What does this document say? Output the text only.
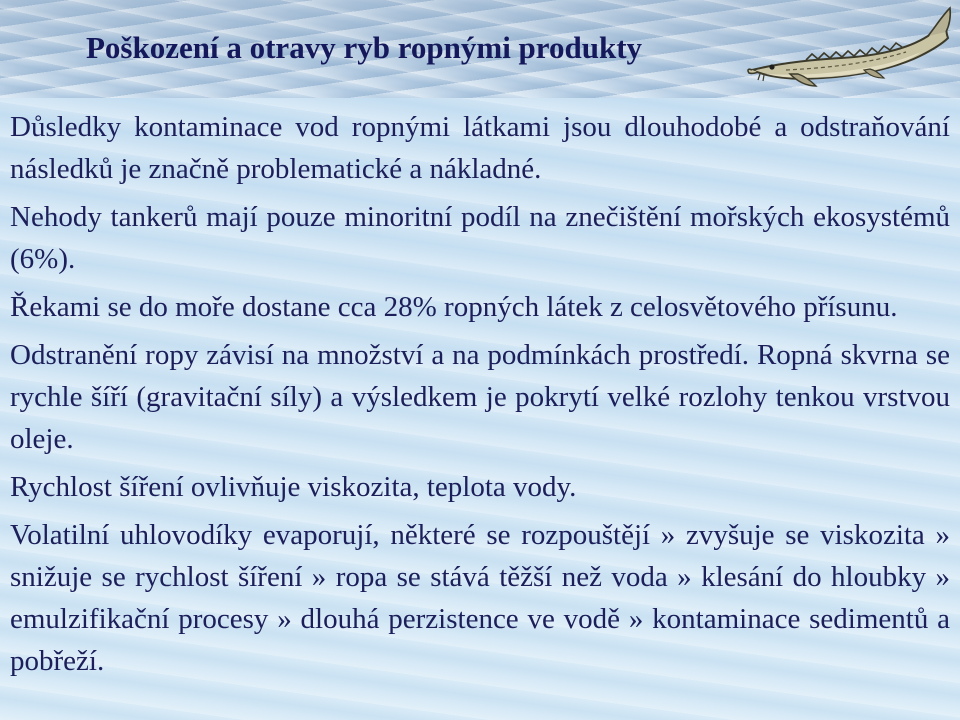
Poškození a otravy ryb ropnými produkty

Důsledky kontaminace vod ropnými látkami jsou dlouhodobé a odstraňování následků je značně problematické a nákladné.

Nehody tankerů mají pouze minoritní podíl na znečištění mořských ekosystémů (6%).

Řekami se do moře dostane cca 28% ropných látek z celosvětového přísunu.

Odstranění ropy závisí na množství a na podmínkách prostředí. Ropná skvrna se rychle šíří (gravitační síly) a výsledkem je pokrytí velké rozlohy tenkou vrstvou oleje.

Rychlost šíření ovlivňuje viskozita, teplota vody.

Volatilní uhlovodíky evaporují, některé se rozpouštějí » zvyšuje se viskozita » snižuje se rychlost šíření » ropa se stává těžší než voda » klesání do hloubky » emulzifikační procesy » dlouhá perzistence ve vodě » kontaminace sedimentů a pobřeží.
